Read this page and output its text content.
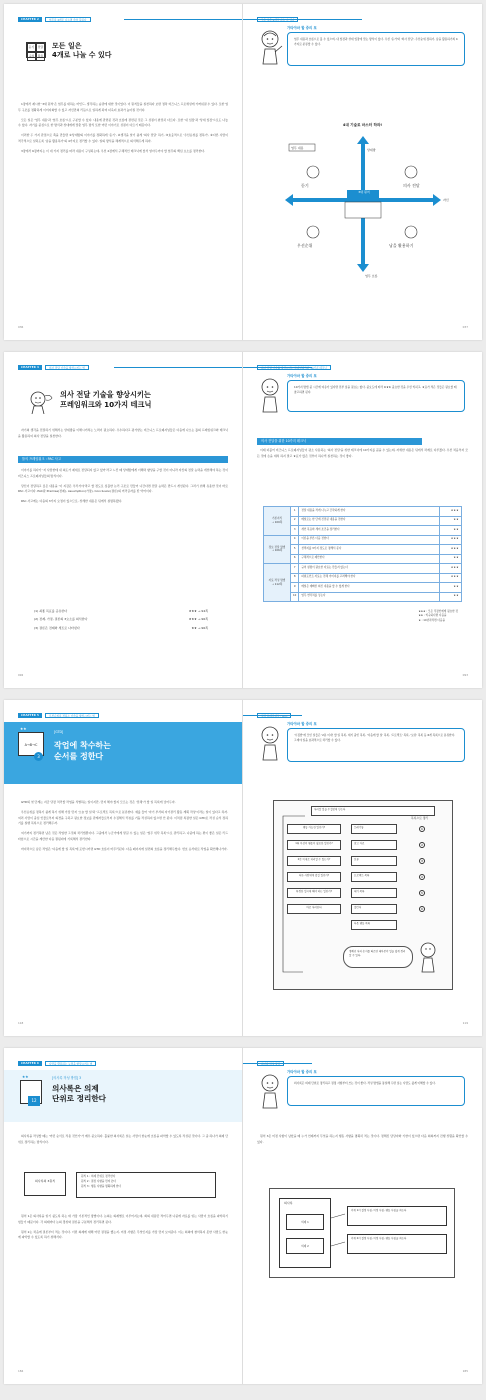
CHAPTER 2	업무를 4개로 나누면 술술 풀린다
듣기	전달
숙려	활용
모든 일은
4개로 나눌 수 있다

1장에서 제시한 '3대 원칙'은 업무를 대하는 마인드, 생각하는 습관에 대한 것이었다. 이 원칙들을 실천하다 보면 점차 비즈니스 프로세싱에 가까워질 수 있다. 또한 업무 구조를 정확하게 이미지화할 수 있고 자신만의 리듬으로 일하게 되며 더욱더 효과가 높아질 것이다.

모든 일은 '업무 내용'과 '업무 호름'으로 구분할 수 있다. 내용에 관련된 것과 흐름에 관련된 것은 그 성질이 완전히 다르다. 또한 '내 입장'과 '상대 입장'으로도 나눌 수 있다. 자기를 중심으로 한 방식과 상대에게 맞춘 업무 방식 또한 어떤 이야기로 성질이 다르기 때문이다.

이러한 두 가지 관점으로 축을 만들면 ①상대방의 이야기를 정확하게 '듣기', ②생각을 알기 쉽게 '의사 전달' 하기, ③효율적으로 '우선순위를 정하기', ④다른 사람이 적극적으로 일하도록 '남을 활용하기'의 4가지로 정리할 수 있다. 일의 방식을 체계적으로 의식해두게 하자.

3장에서 6장까지는 이 네 가지 정리를 따라 내용이 구성되는데, 우선 2장에서 구체적인 테크닉에 앞서 알아두어야 할 업무의 핵심 요소를 정리한다.

036
모든 일은 4개로 나눌 수 있다
가타야마 할 중의 포
업무 내용과 흐름으로 볼 수 있으며, 내 입장과 상대 입장에 맞는 방식이 있다. 우선 '듣기'와 '의사 전달', 우선순위 정하기, 남을 활용하기의 4가지로 분류할 수 있다.
4대 기술로 마스터 하라!
업무 내용
업무 흐름
상대방
자신
듣기	의사 전달
우선순위	남을 활용하기
3대 원칙
037
CHAPTER 4	의사 전달 기술을 향상시키는 법
의사 전달 기술을 향상시키는
프레임워크와 10가지 테크닉

자기의 생각을 전달하기 위해서는 상대방을 이해시키려는 노력이 필요하다. 우수하다고 평가받는 비즈니스 프로페셔널들은 다음에 나오는 틀의 프레임워크와 테크닉을 활용하여 의사 전달을 실천한다.

틀의 프레임워크 : PAC 사고

이야기를 하다가 '저 사람한테 내 의도가 제대로 전달되지 않고 있어'라고 느낀 때 상대방에게 이해력 향상을 구할 것이 아니라 자신의 전달 능력을 개선해야 하는 것이 비즈니스 프로페셔널들의 방식이다.

당신이 전달하고 싶은 내용을 '이 지갑은 우리거야'라고 할 정도로 심플한 논리 구조로 만들어 나간다면 전달 능력은 반드시 개선된다. 그러기 위해 유용한 것이 바로 PAC 사고이다. PAC란 Premise(전제), Assumption(가정), Conclusion(결론)의 머리글자를 딴 약어이다.

PAC 사고에는 다음의 3가지 요점이 있으므로, 상세한 내용은 뒤에서 설명하겠다.

(1) 최종 목표를 공유한다	★★★ → 94쪽
(2) 전제, 가정, 결론의 3요소를 의식한다	★★★ → 96쪽
(3) 결론은 전제와 세트로 나타낸다	★★ → 96쪽
092
의사 전달 기술을 향상시키는 프레임워크와 10가지 테크닉
가타야마 할 중의 포
10가지 방법 중 시간에 여유가 있다면 전부 읽을 필요는 없다. 중요도에 따라 ★★★ 중요한 것을 우선 익히고, ★표가 적은 것들은 필요할 때 참고하면 된다.
의사 전달을 위한 10가지 테크닉

이제 더불어 비즈니스 프로페셔널들이 평소 사용하는 '의사 전달'을 위한 테크닉에 10가지를 꼽을 수 있는데, 자세한 내용은 뒤에서 차례로 다루겠다. 우선 처음부터 모든 것에 손을 대려 하지 말고 ★표가 많은 것부터 하나씩 실천하는 것이 좋다.

기본지식
→ 100쪽	1	전달 내용을 작게 나누고 간략하게 한다	★★★
	2	메일로는 한 단계 진전된 내용을 전한다	★★
	3	개인 목표와 세미 조건을 정리한다	★★
정보 전달 방법
→ 106쪽	4	이론을 부른 다음 전한다	★★★
	5	선택지를 3가지 정도로 정해서 준다	★★★
	6	구체적으로 제안한다	★★
자료 작성 방법
→ 112쪽	7	규칙 설명이 필요한 자료는 만들지 않는다	★★★
	8	파워포인트 자료는 전체 이미지를 고려해야 한다	★★★
	9	메일은 재빠른 회신 내용을 할 수 있게 한다	★★
	10	업무 연락처를 넣는다	★★
★★★ : 모든 직장인에게 필요한 것
★★ : 익숙하다면 다음을
★ : 10년차라면 다음을
093
CHAPTER 5	우선순위를 정하는 기술을 향상시키는 법
★★
A→B→C
3
[GTD]
작업에 착수하는
순서를 정한다

GTD의 첫 단계는 지금 당장 처리할 작업을 식별하는 일이지만, 먼저 해야 할지 모르는 것은 '전체'가 할 일 목록에 넣어두자.

우선순위를 정하기 쉽게 하기 위해 가장 먼저 '오늘 할 일'과 '프로젝트 목록'으로 분류한다. 예를 들어 '자기 부서의 자기관리 활동 계획 작성'이라는 일이 있다고 치자. 여러 사람이 중심 인물로부터 의견을 구하고 필요한 정보를 관계자들로부터 수집해서 리뷰를 거듭 작성하지 않으면 안 된다. 이처럼 복잡한 일은 GTD로 작성 순서 정하기를 실행 목록으로 정리해두자.

여기까지 정리하면 남은 것은 작업한 그것의 처리법뿐이다. 그중에서 누군가에게 맡길 수 있는 일은 '업무 위탁 목록'으로 관리하고, 나중에 하는 편이 좋은 일은 리드 타임으로 시간을 계산한 다음 캘린더에 기록해서 관리한다.

마지막으로 남은 작업은 '다음에 할 일 목록'에 포함시키면 GTD 흐름이 마무리된다. 다음 페이지에 일련의 흐름을 정리해두었다. 번호 순서대로 작업을 확인해나가자.

118
입력 프레임워크 : GTD
가타야마 할 중의 포
'수집함'에 모인 일들은 '2분 이내' 할 일 목록, 대기 중인 목록, '다음에 할 일' 목록, '프로젝트' 목록, '보류' 목록 등 6개 목록으로 분류한다. 그래야 일을 효과적으로 처리할 수 있다.
처리할 일을 수집함에 넣는다
행동 가능한 일인가?	쓰레기통
1회 이상의 행동이 필요한 일인가?	참고 자료
2분 이내로 처리할 수 있는가?	보류
다른 사람에게 맡길 일인가?	프로젝트 목록
특정한 일시에 해야 하는 일인가?	대기 목록
바로 처리한다	캘린더
다음 행동 목록
목록으로 정리
①
②
③
④
⑤
⑥
정해진 처리 순서를 따르면 대부분의 일을 쉽게 정리할 수 있다.
119
CHAPTER 6	사람을 활용하는 능력을 향상시키는 법
★★
12
[의사록 작성 방법] 3
의사록은 의제
단위로 정리한다

의사록을 작성할 때는 '어떤 순서로 작용 것인가'가 매우 중요하다. 훌륭한 의사록은 읽는 사람이 한눈에 흐름을 파악할 수 있도록 작성된 것이다. 그 중 하나가 의제 단위로 정리하는 방식이다.

의사록의 3원칙
원칙 1 : 의제 단위로 정리한다
원칙 2 : 결정 사항을 먼저 쓴다
원칙 3 : 행동 사항을 명확하게 한다

원칙 1은 의사록을 읽기 쉽도록 하는 데 가장 기본적인 방법이다. 논의는 의제별로 이루어지는데, 회의 내용만 적어두면 나중에 자료를 읽는 사람이 흐름을 파악하기 힘들기 때문이다. 각 의제마다 논의 경위와 결론을 구분해서 정리하면 된다.

원칙 2는 처음에 결론부터 적는 것이다. 이런 의제에 대해 어떤 결정을 했는지, 미정 사항은 무엇인지를 가장 먼저 보여준다. 이는 회의에 참석하지 못한 사람도 한눈에 파악할 수 있도록 하기 위해서다.

184
의사록 작성 방법
가타야마 할 중의 포
의사록은 의제 단위로 정리하고 결정 사항부터 쓰는 것이 좋다. 작성 방법을 통일해 두면 읽는 사람도 쉽게 이해할 수 있다.

원칙 3은 미정 사항이 남았을 때 누가 언제까지 무엇을 하는지 행동 사항을 명확히 적는 것이다. 정해진 담당자와 기한이 있으면 다음 회의까지 진행 상황을 확인할 수 있다.

의사록
의제 1
의제 2
의제 1의 결정 사항, 미정 사항, 행동 사항을 적는다
의제 2의 결정 사항, 미정 사항, 행동 사항을 적는다
185
